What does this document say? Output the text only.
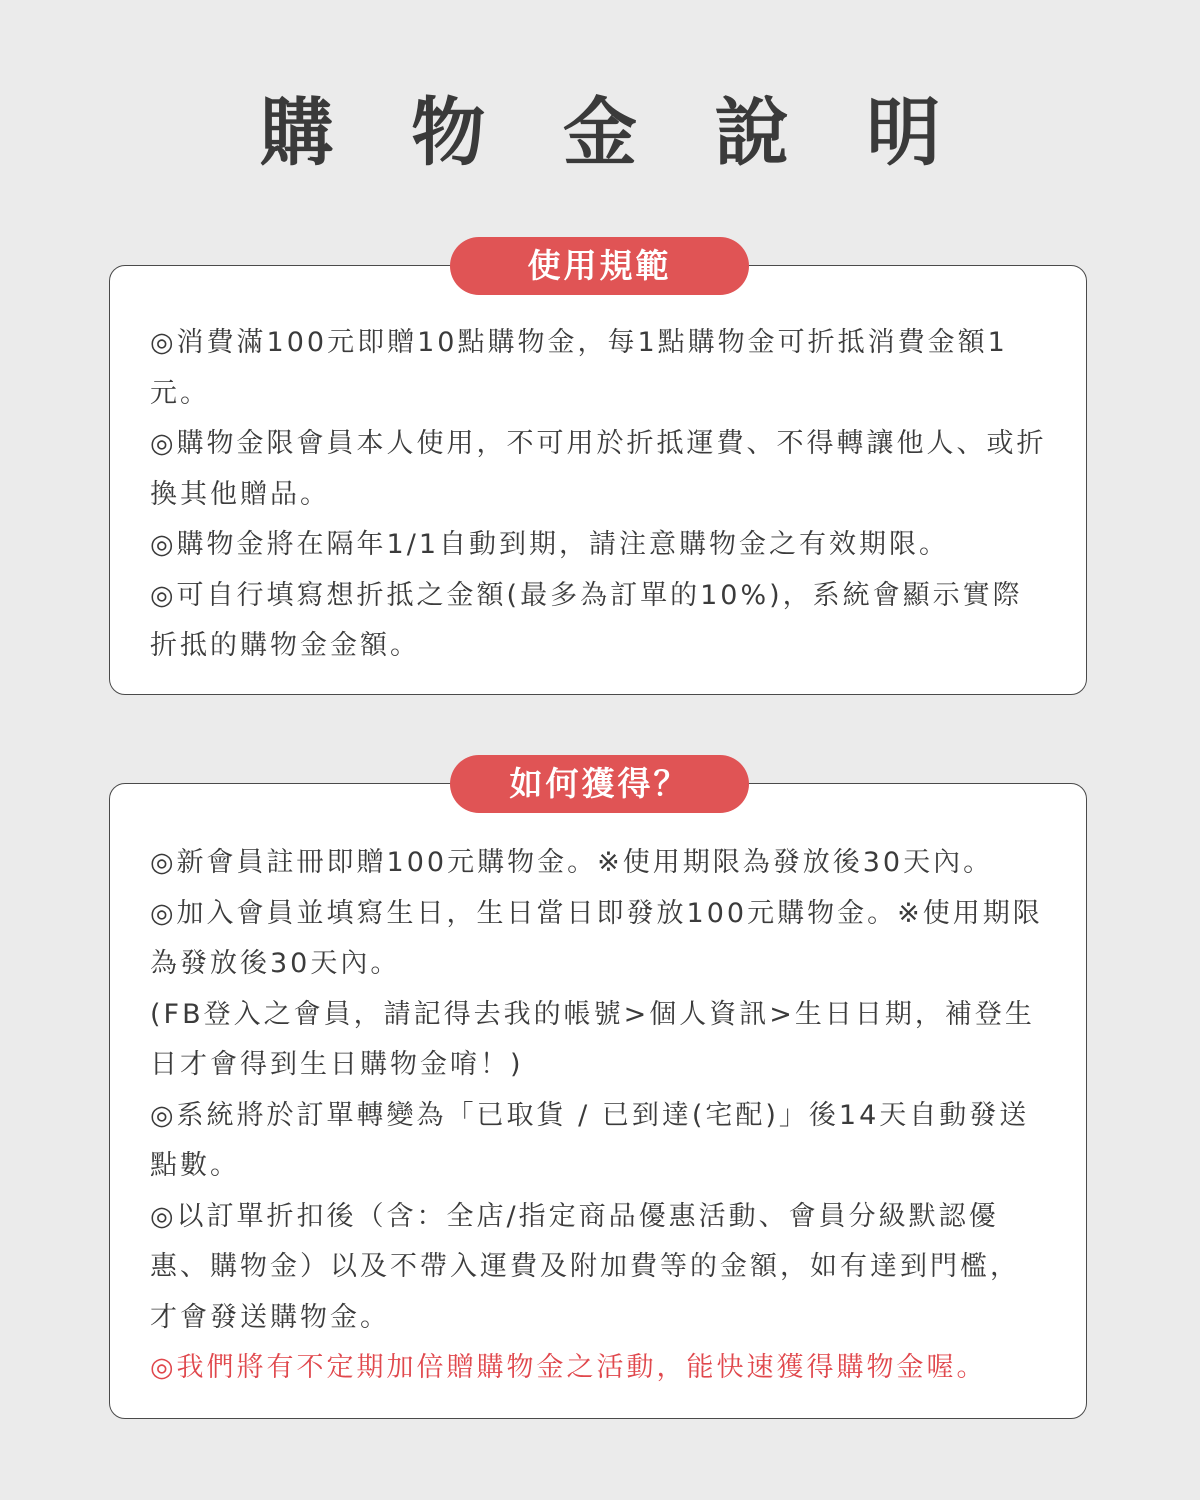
購 物 金 說 明

◎消費滿100元即贈10點購物金，每1點購物金可折抵消費金額1元。

◎購物金限會員本人使用，不可用於折抵運費、不得轉讓他人、或折換其他贈品。

◎購物金將在隔年1/1自動到期，請注意購物金之有效期限。

◎可自行填寫想折抵之金額(最多為訂單的10%)，系統會顯示實際折抵的購物金金額。

使用規範

◎新會員註冊即贈100元購物金。※使用期限為發放後30天內。

◎加入會員並填寫生日，生日當日即發放100元購物金。※使用期限為發放後30天內。

(FB登入之會員，請記得去我的帳號>個人資訊>生日日期，補登生日才會得到生日購物金唷！)

◎系統將於訂單轉變為「已取貨 / 已到達(宅配)」後14天自動發送點數。

◎以訂單折扣後（含：全店/指定商品優惠活動、會員分級默認優惠、購物金）以及不帶入運費及附加費等的金額，如有達到門檻，才會發送購物金。

◎我們將有不定期加倍贈購物金之活動，能快速獲得購物金喔。

如何獲得？
